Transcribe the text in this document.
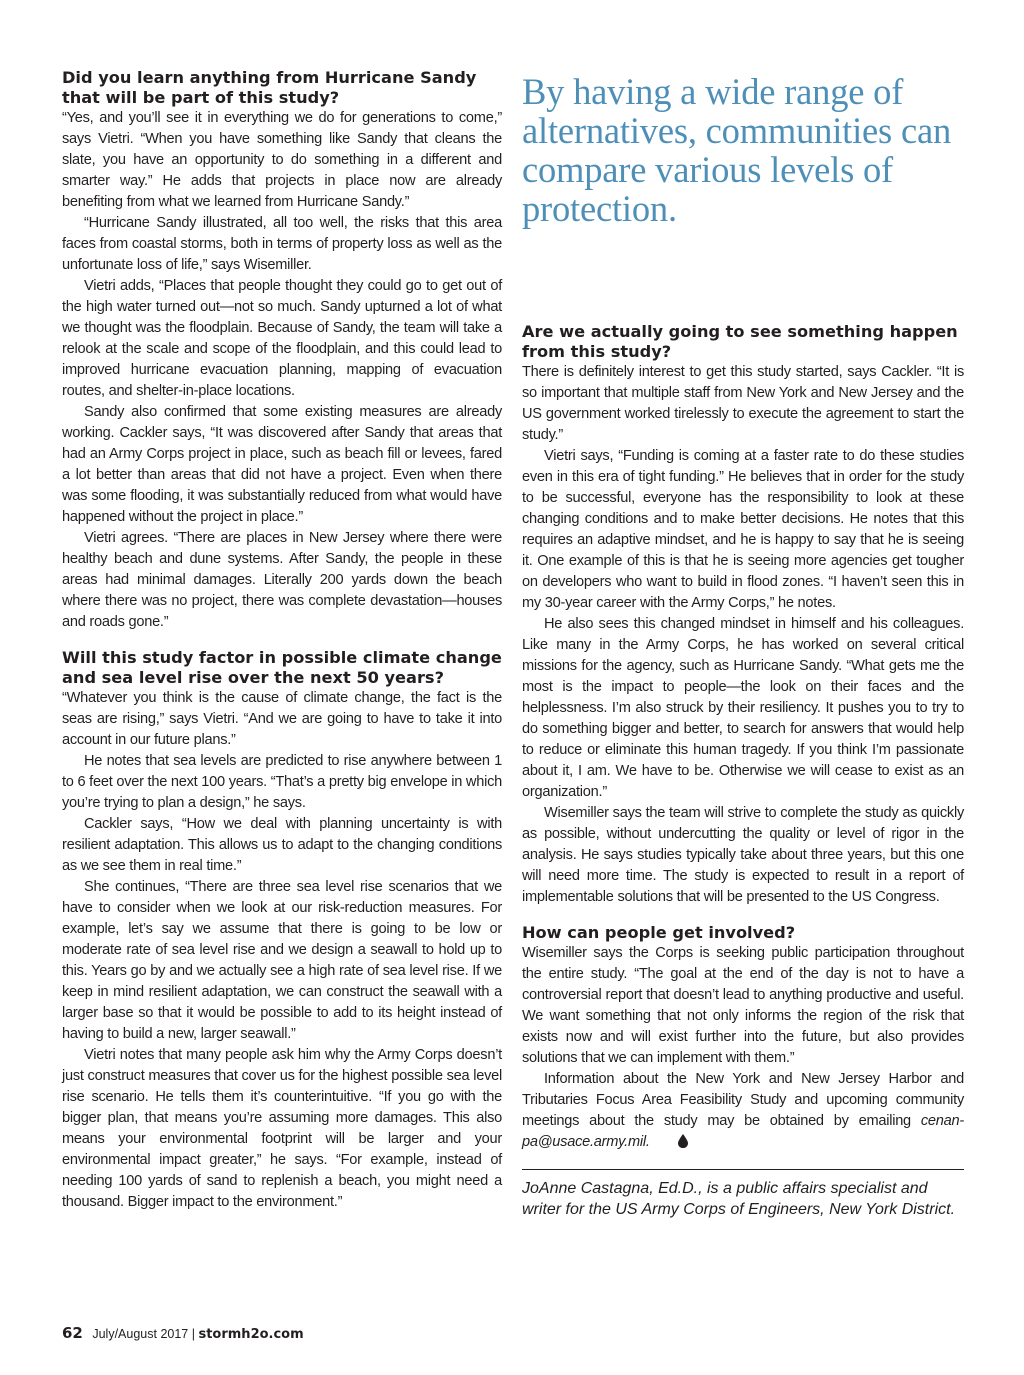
Did you learn anything from Hurricane Sandy that will be part of this study?

“Yes, and you’ll see it in everything we do for generations to come,” says Vietri. “When you have something like Sandy that cleans the slate, you have an opportunity to do something in a different and smarter way.” He adds that projects in place now are already benefiting from what we learned from Hurricane Sandy.”

“Hurricane Sandy illustrated, all too well, the risks that this area faces from coastal storms, both in terms of property loss as well as the unfortunate loss of life,” says Wisemiller.

Vietri adds, “Places that people thought they could go to get out of the high water turned out—not so much. Sandy upturned a lot of what we thought was the floodplain. Because of Sandy, the team will take a relook at the scale and scope of the floodplain, and this could lead to improved hurricane evacuation planning, mapping of evacuation routes, and shelter-in-place locations.

Sandy also confirmed that some existing measures are already working. Cackler says, “It was discovered after Sandy that areas that had an Army Corps project in place, such as beach fill or levees, fared a lot better than areas that did not have a project. Even when there was some flooding, it was substantially reduced from what would have happened without the project in place.”

Vietri agrees. “There are places in New Jersey where there were healthy beach and dune systems. After Sandy, the people in these areas had minimal damages. Literally 200 yards down the beach where there was no project, there was complete devastation—houses and roads gone.”

Will this study factor in possible climate change and sea level rise over the next 50 years?

“Whatever you think is the cause of climate change, the fact is the seas are rising,” says Vietri. “And we are going to have to take it into account in our future plans.”

He notes that sea levels are predicted to rise anywhere between 1 to 6 feet over the next 100 years. “That’s a pretty big envelope in which you’re trying to plan a design,” he says.

Cackler says, “How we deal with planning uncertainty is with resilient adaptation. This allows us to adapt to the changing conditions as we see them in real time.”

She continues, “There are three sea level rise scenarios that we have to consider when we look at our risk-reduction measures. For example, let’s say we assume that there is going to be low or moderate rate of sea level rise and we design a seawall to hold up to this. Years go by and we actually see a high rate of sea level rise. If we keep in mind resilient adaptation, we can construct the seawall with a larger base so that it would be possible to add to its height instead of having to build a new, larger seawall.”

Vietri notes that many people ask him why the Army Corps doesn’t just construct measures that cover us for the highest possible sea level rise scenario. He tells them it’s counterintuitive. “If you go with the bigger plan, that means you’re assuming more damages. This also means your environmental footprint will be larger and your environmental impact greater,” he says. “For example, instead of needing 100 yards of sand to replenish a beach, you might need a thousand. Bigger impact to the environment.”

By having a wide range of alternatives, communities can compare various levels of protection.

Are we actually going to see something happen from this study?

There is definitely interest to get this study started, says Cackler. “It is so important that multiple staff from New York and New Jersey and the US government worked tirelessly to execute the agreement to start the study.”

Vietri says, “Funding is coming at a faster rate to do these studies even in this era of tight funding.” He believes that in order for the study to be successful, everyone has the responsibility to look at these changing conditions and to make better decisions. He notes that this requires an adaptive mindset, and he is happy to say that he is seeing it. One example of this is that he is seeing more agencies get tougher on developers who want to build in flood zones. “I haven’t seen this in my 30-year career with the Army Corps,” he notes.

He also sees this changed mindset in himself and his colleagues. Like many in the Army Corps, he has worked on several critical missions for the agency, such as Hurricane Sandy. “What gets me the most is the impact to people—the look on their faces and the helplessness. I’m also struck by their resiliency. It pushes you to try to do something bigger and better, to search for answers that would help to reduce or eliminate this human tragedy. If you think I’m passionate about it, I am. We have to be. Otherwise we will cease to exist as an organization.”

Wisemiller says the team will strive to complete the study as quickly as possible, without undercutting the quality or level of rigor in the analysis. He says studies typically take about three years, but this one will need more time. The study is expected to result in a report of implementable solutions that will be presented to the US Congress.

How can people get involved?

Wisemiller says the Corps is seeking public participation throughout the entire study. “The goal at the end of the day is not to have a controversial report that doesn’t lead to anything productive and useful. We want something that not only informs the region of the risk that exists now and will exist further into the future, but also provides solutions that we can implement with them.”

Information about the New York and New Jersey Harbor and Tributaries Focus Area Feasibility Study and upcoming community meetings about the study may be obtained by emailing cenan-pa@usace.army.mil.

JoAnne Castagna, Ed.D., is a public affairs specialist and writer for the US Army Corps of Engineers, New York District.

62 July/August 2017 | stormh2o.com
